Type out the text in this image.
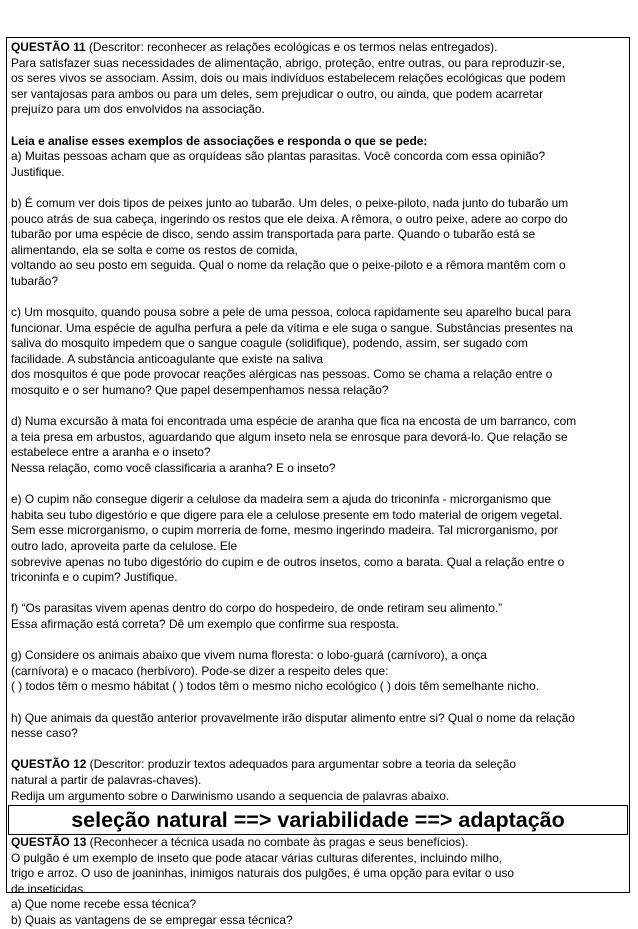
QUESTÃO 11 (Descritor: reconhecer as relações ecológicas e os termos nelas entregados).
Para satisfazer suas necessidades de alimentação, abrigo, proteção, entre outras, ou para reproduzir-se,
os seres vivos se associam. Assim, dois ou mais indivíduos estabelecem relações ecológicas que podem
ser vantajosas para ambos ou para um deles, sem prejudicar o outro, ou ainda, que podem acarretar
prejuízo para um dos envolvidos na associação.
Leia e analise esses exemplos de associações e responda o que se pede:
a) Muitas pessoas acham que as orquídeas são plantas parasitas. Você concorda com essa opinião?
Justifique.
b) É comum ver dois tipos de peixes junto ao tubarão. Um deles, o peixe-piloto, nada junto do tubarão um
pouco atrás de sua cabeça, ingerindo os restos que ele deixa. A rêmora, o outro peixe, adere ao corpo do
tubarão por uma espécie de disco, sendo assim transportada para parte. Quando o tubarão está se
alimentando, ela se solta e come os restos de comida,
voltando ao seu posto em seguida. Qual o nome da relação que o peixe-piloto e a rêmora mantêm com o
tubarão?
c) Um mosquito, quando pousa sobre a pele de uma pessoa, coloca rapidamente seu aparelho bucal para
funcionar. Uma espécie de agulha perfura a pele da vítima e ele suga o sangue. Substâncias presentes na
saliva do mosquito impedem que o sangue coagule (solidifique), podendo, assim, ser sugado com
facilidade. A substância anticoagulante que existe na saliva
dos mosquitos é que pode provocar reações alérgicas nas pessoas. Como se chama a relação entre o
mosquito e o ser humano? Que papel desempenhamos nessa relação?
d) Numa excursão à mata foi encontrada uma espécie de aranha que fica na encosta de um barranco, com
a teia presa em arbustos, aguardando que algum inseto nela se enrosque para devorá-lo. Que relação se
estabelece entre a aranha e o inseto?
Nessa relação, como você classificaria a aranha? E o inseto?
e) O cupim não consegue digerir a celulose da madeira sem a ajuda do triconinfa - microrganismo que
habita seu tubo digestório e que digere para ele a celulose presente em todo material de origem vegetal.
Sem esse microrganismo, o cupim morreria de fome, mesmo ingerindo madeira. Tal microrganismo, por
outro lado, aproveita parte da celulose. Ele
sobrevive apenas no tubo digestório do cupim e de outros insetos, como a barata. Qual a relação entre o
triconinfa e o cupim? Justifique.
f) “Os parasitas vivem apenas dentro do corpo do hospedeiro, de onde retiram seu alimento.”
Essa afirmação está correta? Dê um exemplo que confirme sua resposta.
g) Considere os animais abaixo que vivem numa floresta: o lobo-guará (carnívoro), a onça
(carnívora) e o macaco (herbívoro). Pode-se dizer a respeito deles que:
( ) todos têm o mesmo hábitat ( ) todos têm o mesmo nicho ecológico ( ) dois têm semelhante nicho.
h) Que animais da questão anterior provavelmente irão disputar alimento entre si? Qual o nome da relação
nesse caso?
QUESTÃO 12 (Descritor: produzir textos adequados para argumentar sobre a teoria da seleção
natural a partir de palavras-chaves).
Redija um argumento sobre o Darwinismo usando a sequencia de palavras abaixo.
seleção natural ==> variabilidade ==> adaptação
QUESTÃO 13 (Reconhecer a técnica usada no combate às pragas e seus benefícios).
O pulgão é um exemplo de inseto que pode atacar várias culturas diferentes, incluindo milho,
trigo e arroz. O uso de joaninhas, inimigos naturais dos pulgões, é uma opção para evitar o uso
de inseticidas.
a) Que nome recebe essa técnica?
b) Quais as vantagens de se empregar essa técnica?
